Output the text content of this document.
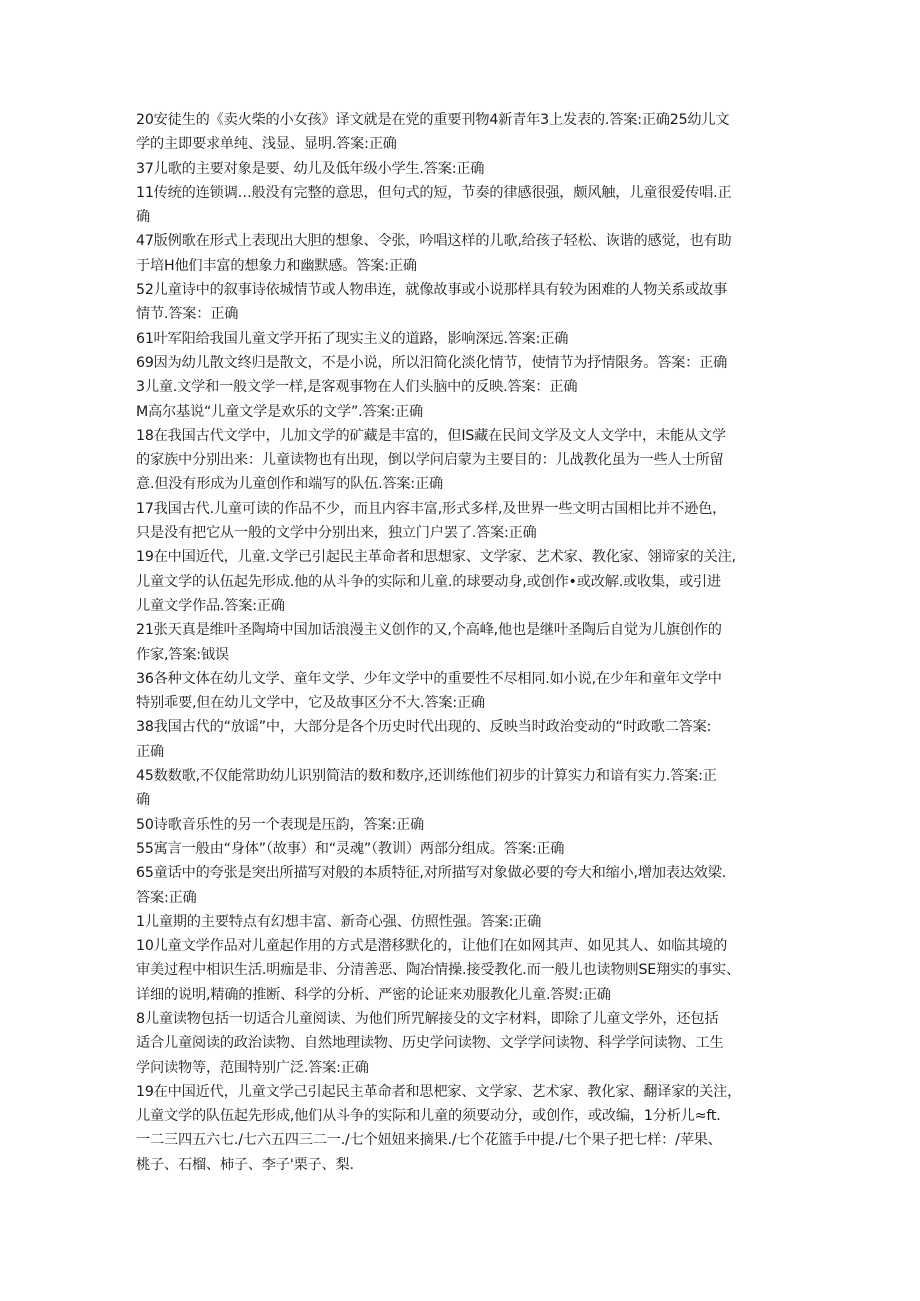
20安徒生的《卖火柴的小女孩》译文就是在党的重要刊物4新青年3上发表的.答案:正确25幼儿文
学的主即要求单纯、浅显、显明.答案:正确

37儿歌的主要对象是要、幼儿及低年级小学生.答案:正确

11传统的连锁调…般没有完整的意思，但句式的短，节奏的律感很强，颇风触，儿童很爱传唱.正
确

47版例歌在形式上表现出大胆的想象、令张，吟唱这样的儿歌,给孩子轻松、诙谐的感觉，也有助
于培H他们丰富的想象力和幽默感。答案:正确

52儿童诗中的叙事诗依城情节或人物串连，就像故事或小说那样具有较为困难的人物关系或故事
情节.答案：正确

61叶军阳给我国儿童文学开拓了现实主义的道路，影响深远.答案:正确

69因为幼儿散文终归是散文，不是小说，所以汨简化淡化情节，使情节为抒情限务。答案：正确

3儿童.文学和一般文学一样,是客观事物在人们头脑中的反映.答案：正确

M高尔基说“儿童文学是欢乐的文学”.答案:正确

18在我国古代文学中，儿加文学的矿藏是丰富的，但IS藏在民间文学及文人文学中，未能从文学
的家族中分别出来：儿童读物也有出现，倒以学问启蒙为主要目的：儿战教化虽为一些人士所留
意.但没有形成为儿童创作和端写的队伍.答案:正确

17我国古代.儿童可读的作品不少，而且内容丰富,形式多样,及世界一些文明古国相比并不逊色，
只是没有把它从一般的文学中分别出来，独立门户罢了.答案:正确

19在中国近代，儿童.文学已引起民主革命者和思想家、文学家、艺术家、教化家、翎谛家的关注,
儿童文学的认伍起先形成.他的从斗争的实际和儿童.的球要动身,或创作•或改解.或收集，或引进
儿童文学作品.答案:正确

21张天真是维叶圣陶埼中国加话浪漫主义创作的又,个高峰,他也是继叶圣陶后自觉为儿旗创作的
作家,答案:钺误

36各种文体在幼儿文学、童年文学、少年文学中的重要性不尽相同.如小说,在少年和童年文学中
特别乖要,但在幼儿文学中，它及故事区分不大.答案:正确

38我国古代的“放谣”中，大部分是各个历史时代出现的、反映当时政治变动的“时政歌二答案:
正确

45数数歌,不仅能常助幼儿识别简洁的数和数序,还训练他们初步的计算实力和谙有实力.答案:正
确

50诗歌音乐性的另一个表现是压韵，答案:正确

55寓言一般由“身体”（故事）和“灵魂”（教训）两部分组成。答案:正确

65童话中的夸张是突出所描写对般的本质特征,对所描写对象做必要的夸大和缩小,增加表达效梁.
答案:正确

1儿童期的主要特点有幻想丰富、新奇心强、仿照性强。答案:正确

10儿童文学作品对儿童起作用的方式是潜移默化的，让他们在如网其声、如见其人、如临其境的
审美过程中相识生活.明痂是非、分清善恶、陶冶情操.接受教化.而一般儿也读物则SE翔实的事实、
详细的说明,精确的推断、科学的分析、严密的论证来劝服教化儿童.答熨:正确

8儿童读物包括一切适合儿童阅读、为他们所咒解接殳的文字材料，即除了儿童文学外，还包括
适合儿童阅读的政治读物、自然地理读物、历史学问读物、文学学问读物、科学学问读物、工生
学问读物等，范围特别广泛.答案:正确

19在中国近代，儿童文学己引起民主革命者和思杷家、文学家、艺术家、教化家、翻译家的关注，
儿童文学的队伍起先形成,他们从斗争的实际和儿童的须要动分，或创作，或改编，1分析儿≈ft.
一二三四五六七./七六五四三二一./七个妞妞来摘果./七个花篮手中提./七个果子把七样：/苹果、
桃子、石榴、柿子、李子'栗子、梨.
